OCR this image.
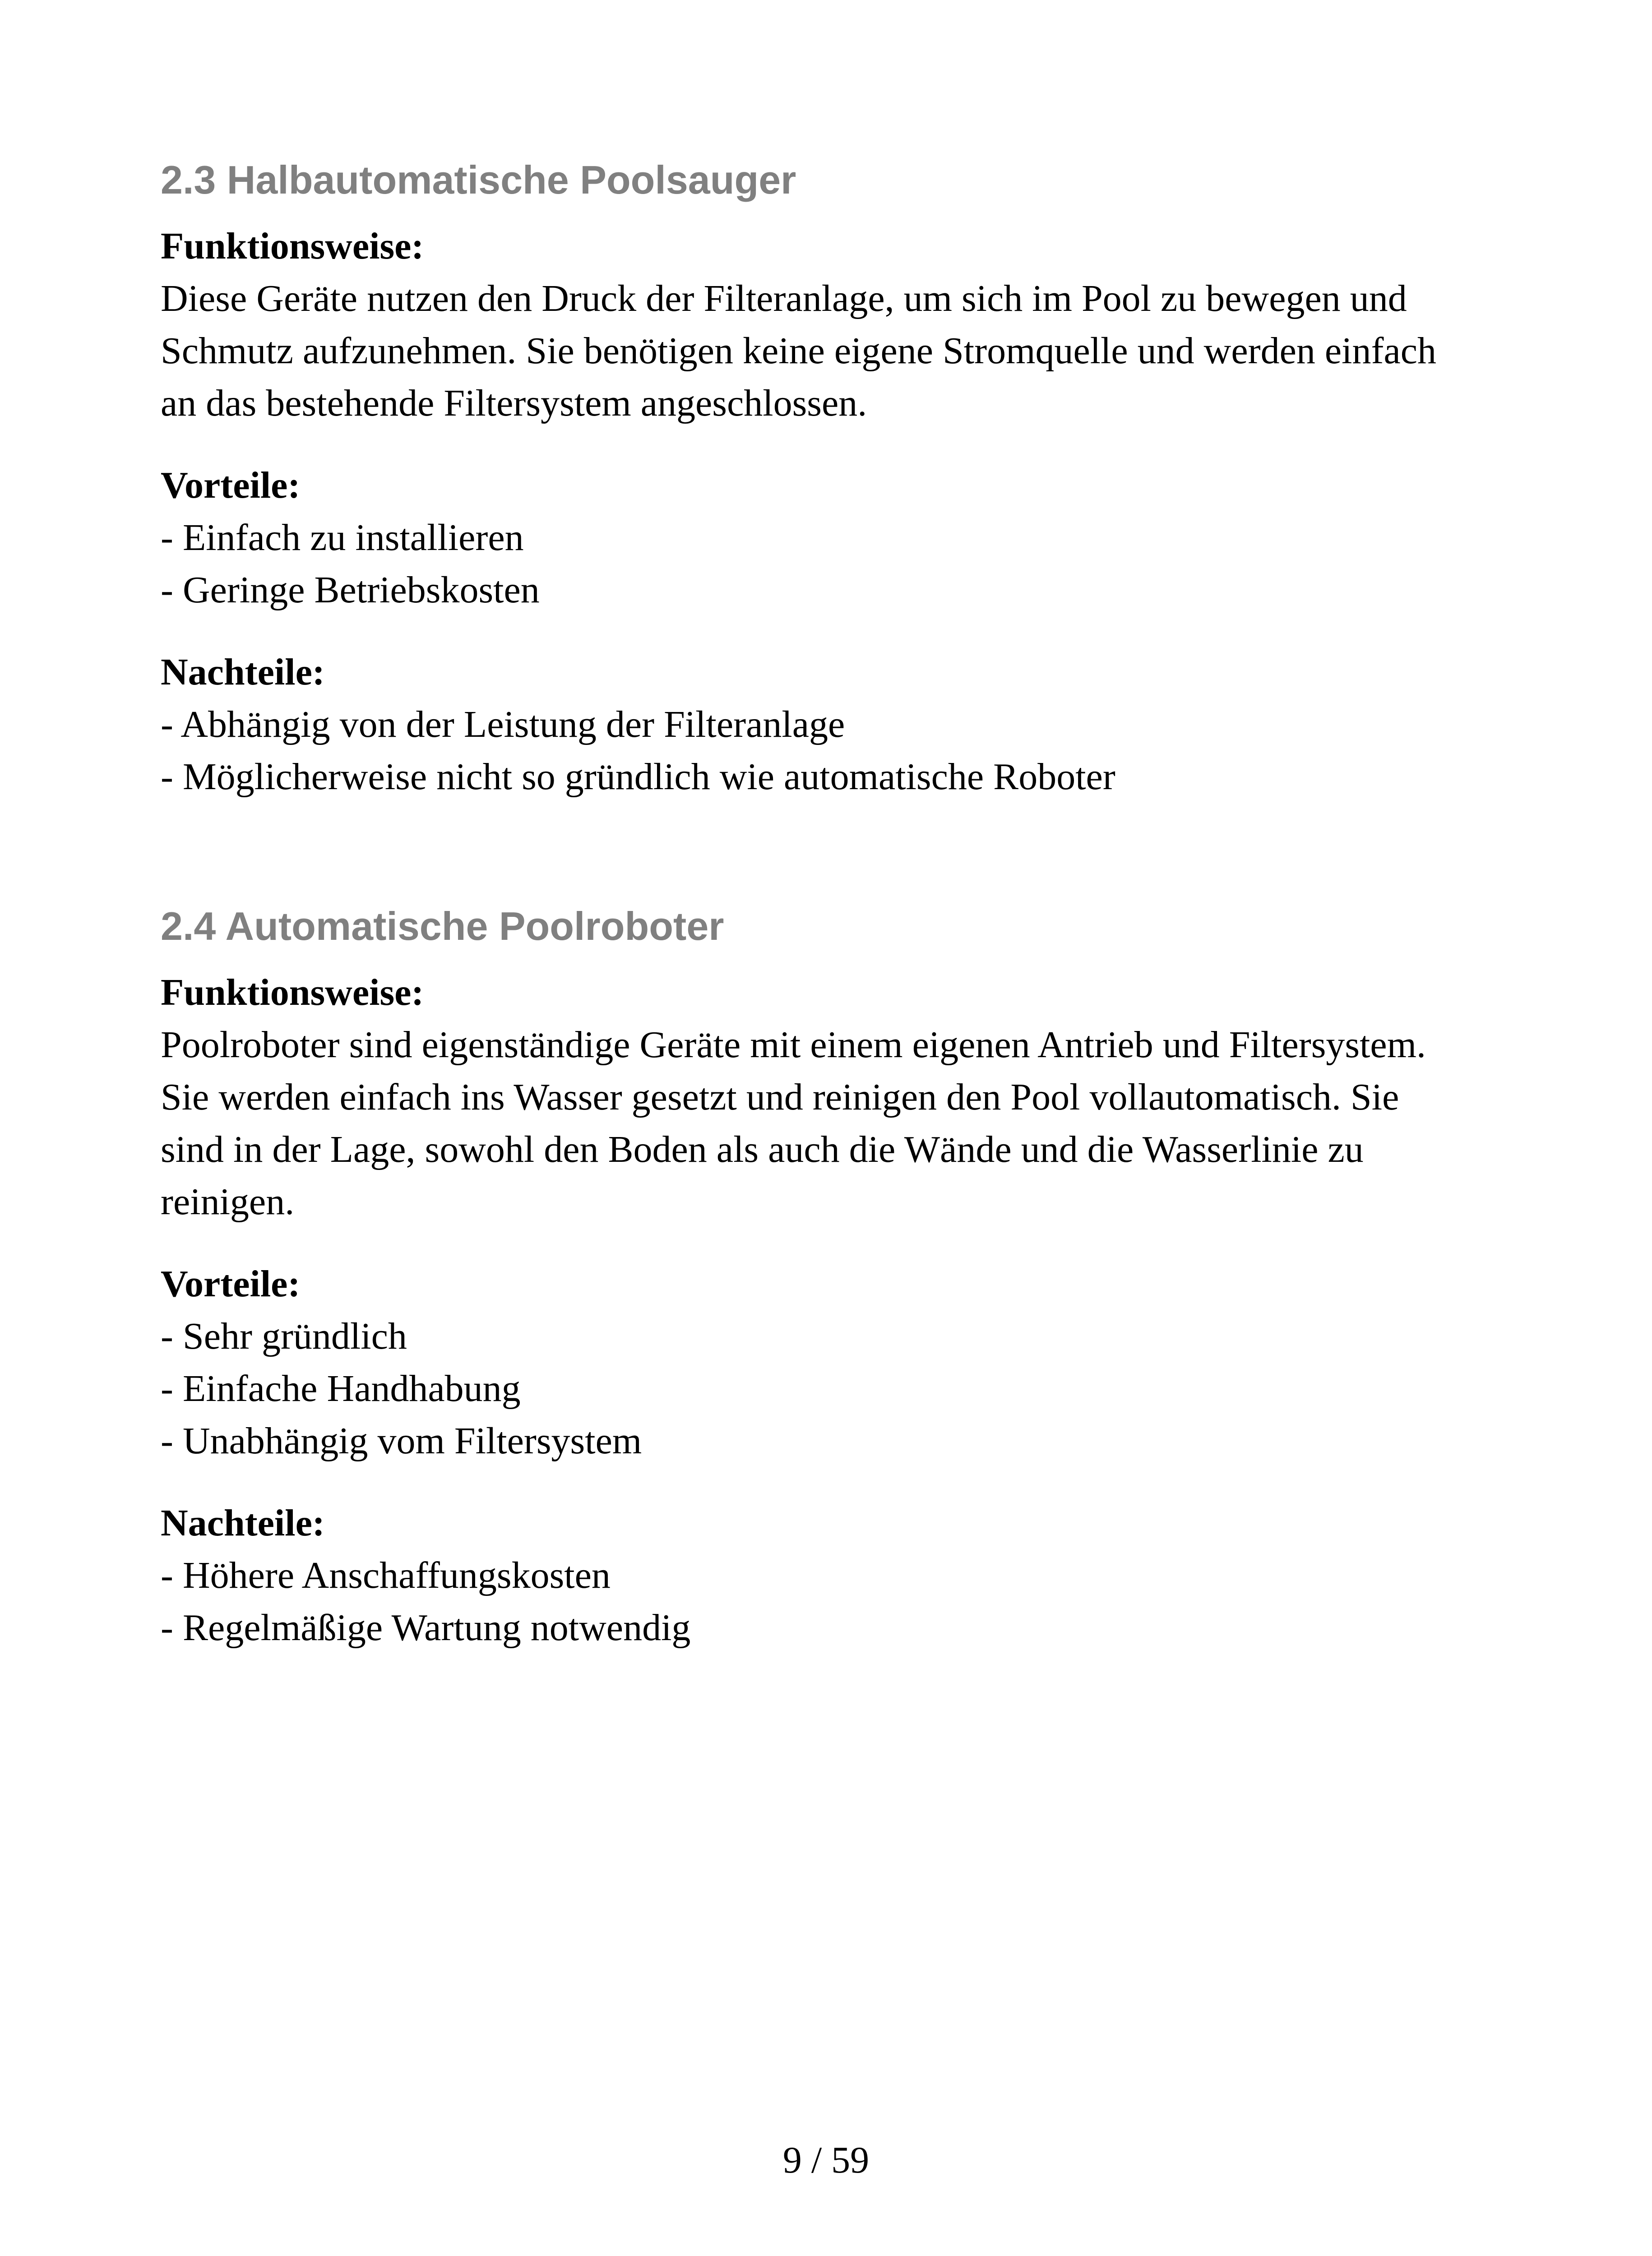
2.3 Halbautomatische Poolsauger
Funktionsweise:
Diese Geräte nutzen den Druck der Filteranlage, um sich im Pool zu bewegen und
Schmutz aufzunehmen. Sie benötigen keine eigene Stromquelle und werden einfach
an das bestehende Filtersystem angeschlossen.
Vorteile:
- Einfach zu installieren
- Geringe Betriebskosten
Nachteile:
- Abhängig von der Leistung der Filteranlage
- Möglicherweise nicht so gründlich wie automatische Roboter
2.4 Automatische Poolroboter
Funktionsweise:
Poolroboter sind eigenständige Geräte mit einem eigenen Antrieb und Filtersystem.
Sie werden einfach ins Wasser gesetzt und reinigen den Pool vollautomatisch. Sie
sind in der Lage, sowohl den Boden als auch die Wände und die Wasserlinie zu
reinigen.
Vorteile:
- Sehr gründlich
- Einfache Handhabung
- Unabhängig vom Filtersystem
Nachteile:
- Höhere Anschaffungskosten
- Regelmäßige Wartung notwendig
9 / 59
